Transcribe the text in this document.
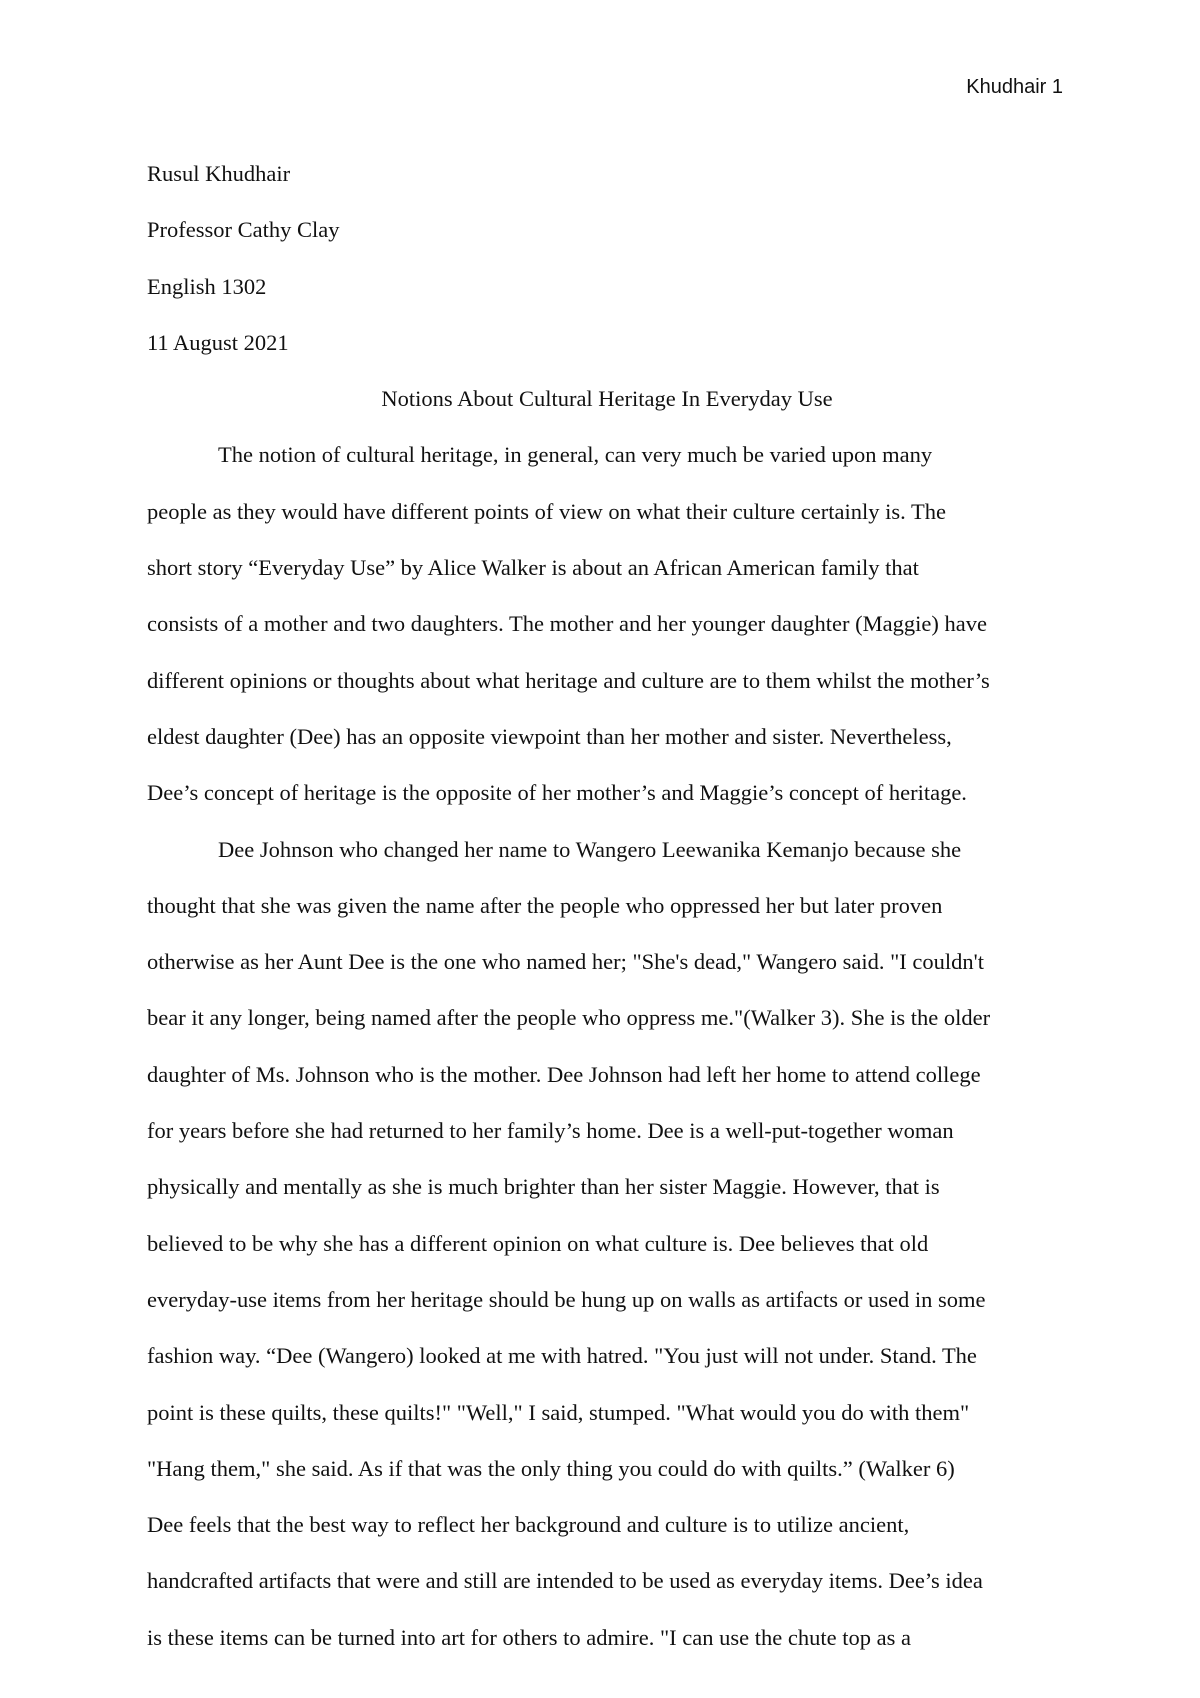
Khudhair 1

Rusul Khudhair

Professor Cathy Clay

English 1302

11 August 2021

Notions About Cultural Heritage In Everyday Use

The notion of cultural heritage, in general, can very much be varied upon many
people as they would have different points of view on what their culture certainly is. The
short story “Everyday Use” by Alice Walker is about an African American family that
consists of a mother and two daughters. The mother and her younger daughter (Maggie) have
different opinions or thoughts about what heritage and culture are to them whilst the mother’s
eldest daughter (Dee) has an opposite viewpoint than her mother and sister. Nevertheless,
Dee’s concept of heritage is the opposite of her mother’s and Maggie’s concept of heritage.

Dee Johnson who changed her name to Wangero Leewanika Kemanjo because she
thought that she was given the name after the people who oppressed her but later proven
otherwise as her Aunt Dee is the one who named her; "She's dead," Wangero said. "I couldn't
bear it any longer, being named after the people who oppress me."(Walker 3). She is the older
daughter of Ms. Johnson who is the mother. Dee Johnson had left her home to attend college
for years before she had returned to her family’s home. Dee is a well-put-together woman
physically and mentally as she is much brighter than her sister Maggie. However, that is
believed to be why she has a different opinion on what culture is. Dee believes that old
everyday-use items from her heritage should be hung up on walls as artifacts or used in some
fashion way. “Dee (Wangero) looked at me with hatred. "You just will not under. Stand. The
point is these quilts, these quilts!" "Well," I said, stumped. "What would you do with them"
"Hang them," she said. As if that was the only thing you could do with quilts.” (Walker 6)
Dee feels that the best way to reflect her background and culture is to utilize ancient,
handcrafted artifacts that were and still are intended to be used as everyday items. Dee’s idea
is these items can be turned into art for others to admire. "I can use the chute top as a
